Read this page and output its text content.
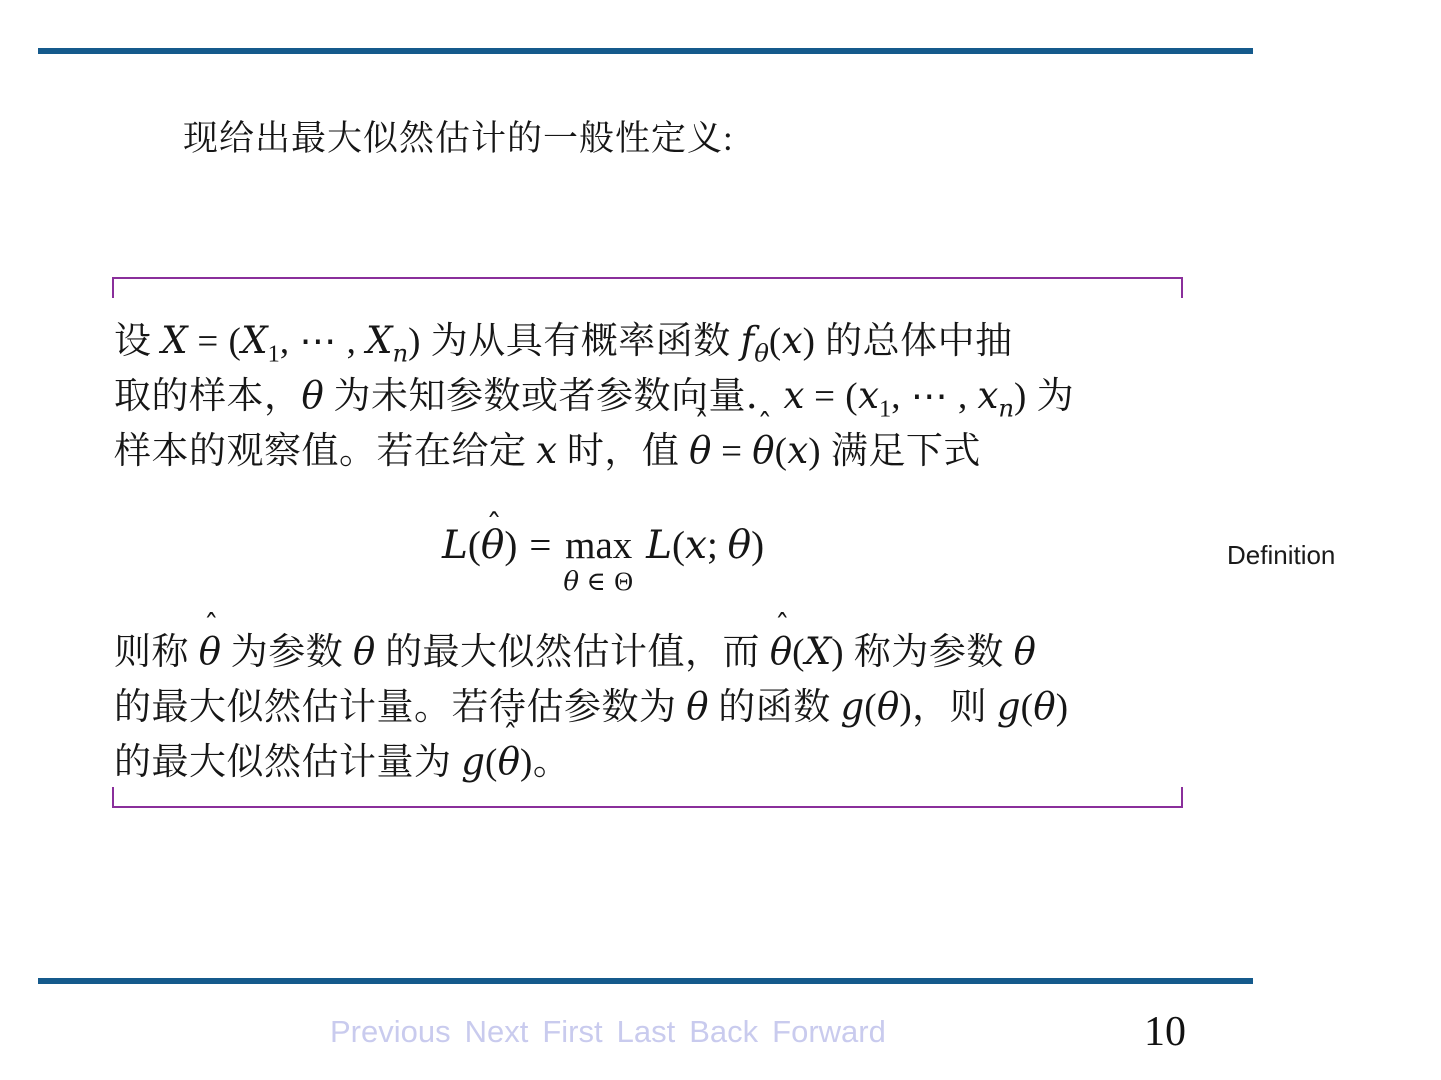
现给出最大似然估计的一般性定义:
设 $X = (X_1$, ⋯ , $X_n$) 为从具有概率函数 $f_\theta(x)$ 的总体中抽
取的样本，θ 为未知参数或者参数向量．$x = (x_1$, ⋯ , $x_n$) 为
样本的观察值。若在给定 x 时，值 θ ˆ = θ ˆ(x) 满足下式
L(θ ˆ) = max
θ ∈ Θ
L(x; θ)
则称 θ ˆ 为参数 θ 的最大似然估计值，而 θ ˆ(X) 称为参数 θ
的最大似然估计量。若待估参数为 θ 的函数 g(θ)，则 g(θ)
的最大似然估计量为 g(θ ˆ)。
Definition
Previous Next First Last Back Forward	10
